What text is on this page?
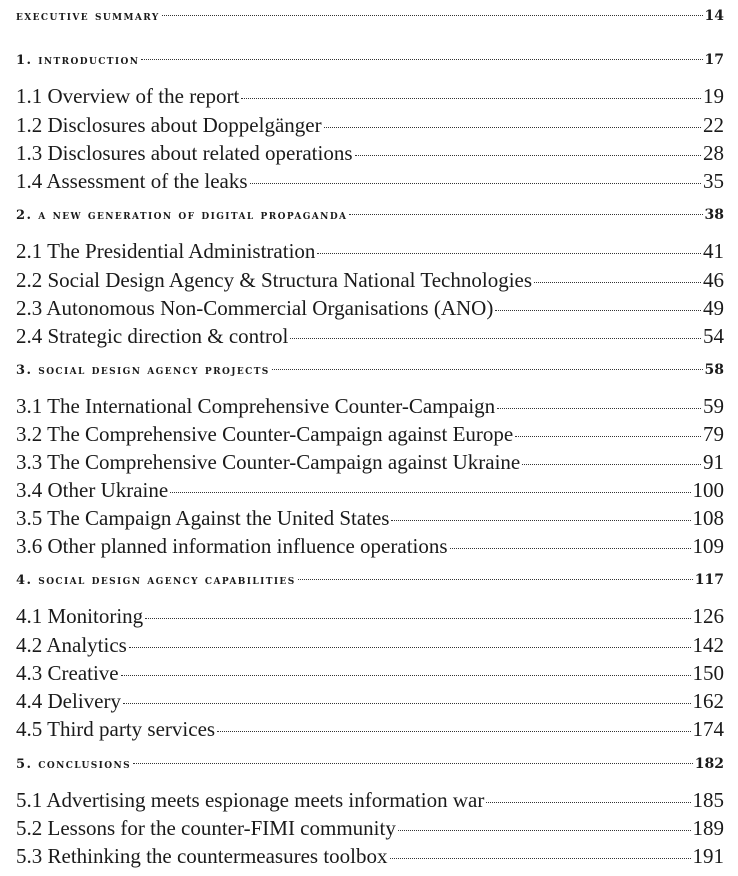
executive summary	14
1. introduction	17
1.1 Overview of the report	19
1.2 Disclosures about Doppelgänger	22
1.3 Disclosures about related operations	28
1.4 Assessment of the leaks	35
2. a new generation of digital propaganda	38
2.1 The Presidential Administration	41
2.2 Social Design Agency & Structura National Technologies	46
2.3 Autonomous Non-Commercial Organisations (ANO)	49
2.4 Strategic direction & control	54
3. social design agency projects	58
3.1 The International Comprehensive Counter-Campaign	59
3.2 The Comprehensive Counter-Campaign against Europe	79
3.3 The Comprehensive Counter-Campaign against Ukraine	91
3.4 Other Ukraine	100
3.5 The Campaign Against the United States	108
3.6 Other planned information influence operations	109
4. social design agency capabilities	117
4.1 Monitoring	126
4.2 Analytics	142
4.3 Creative	150
4.4 Delivery	162
4.5 Third party services	174
5. conclusions	182
5.1 Advertising meets espionage meets information war	185
5.2 Lessons for the counter-FIMI community	189
5.3 Rethinking the countermeasures toolbox	191
